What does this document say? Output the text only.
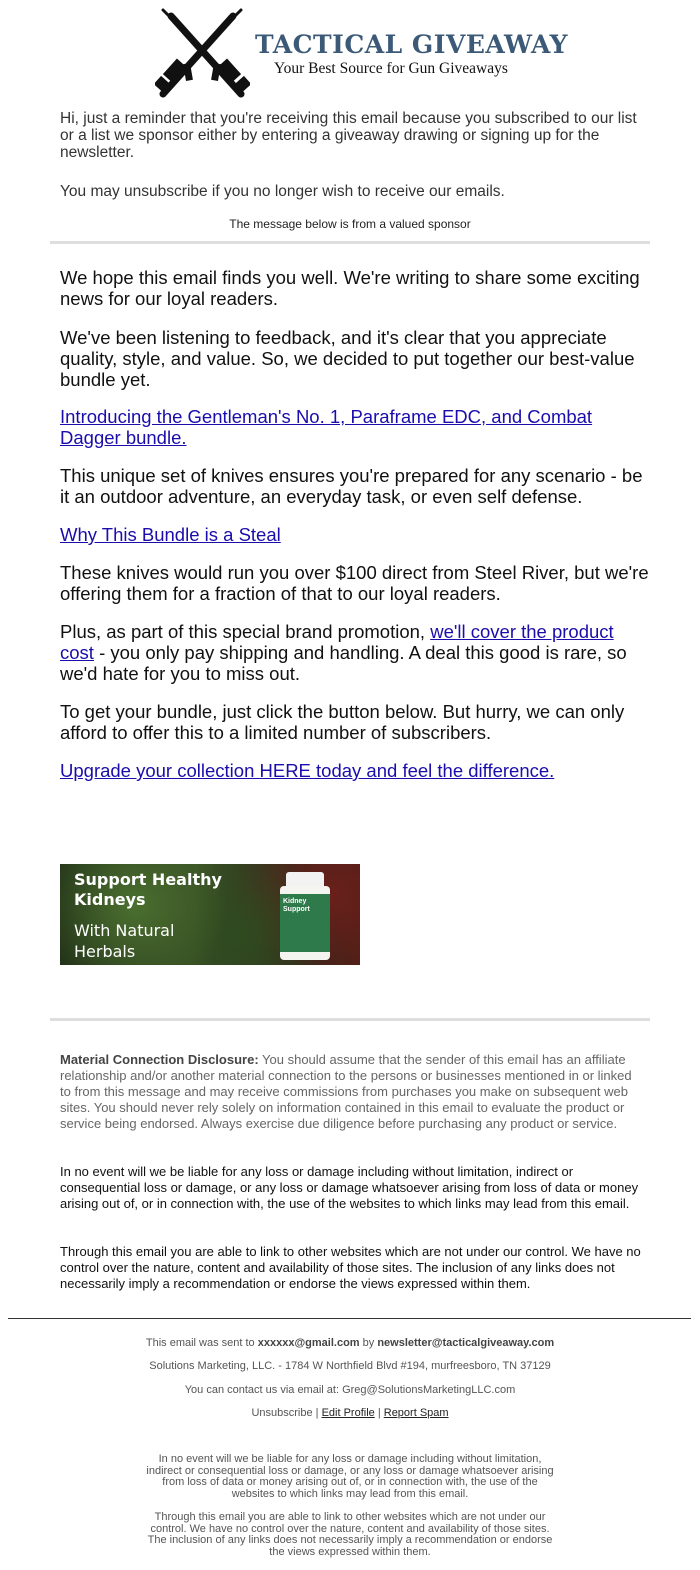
TACTICAL GIVEAWAY
Your Best Source for Gun Giveaways

Hi, just a reminder that you're receiving this email because you subscribed to our list or a list we sponsor either by entering a giveaway drawing or signing up for the newsletter.

You may unsubscribe if you no longer wish to receive our emails.

The message below is from a valued sponsor

We hope this email finds you well. We're writing to share some exciting news for our loyal readers.

We've been listening to feedback, and it's clear that you appreciate quality, style, and value. So, we decided to put together our best-value bundle yet.

Introducing the Gentleman's No. 1, Paraframe EDC, and Combat Dagger bundle.

This unique set of knives ensures you're prepared for any scenario - be it an outdoor adventure, an everyday task, or even self defense.

Why This Bundle is a Steal

These knives would run you over $100 direct from Steel River, but we're offering them for a fraction of that to our loyal readers.

Plus, as part of this special brand promotion, we'll cover the product cost - you only pay shipping and handling. A deal this good is rare, so we'd hate for you to miss out.

To get your bundle, just click the button below. But hurry, we can only afford to offer this to a limited number of subscribers.

Upgrade your collection HERE today and feel the difference.

Support Healthy Kidneys
With Natural Herbals
Kidney Support

Material Connection Disclosure: You should assume that the sender of this email has an affiliate relationship and/or another material connection to the persons or businesses mentioned in or linked to from this message and may receive commissions from purchases you make on subsequent web sites. You should never rely solely on information contained in this email to evaluate the product or service being endorsed. Always exercise due diligence before purchasing any product or service.

In no event will we be liable for any loss or damage including without limitation, indirect or consequential loss or damage, or any loss or damage whatsoever arising from loss of data or money arising out of, or in connection with, the use of the websites to which links may lead from this email.

Through this email you are able to link to other websites which are not under our control. We have no control over the nature, content and availability of those sites. The inclusion of any links does not necessarily imply a recommendation or endorse the views expressed within them.

This email was sent to xxxxxx@gmail.com by newsletter@tacticalgiveaway.com

Solutions Marketing, LLC. - 1784 W Northfield Blvd #194, murfreesboro, TN 37129

You can contact us via email at: Greg@SolutionsMarketingLLC.com

Unsubscribe | Edit Profile | Report Spam

In no event will we be liable for any loss or damage including without limitation, indirect or consequential loss or damage, or any loss or damage whatsoever arising from loss of data or money arising out of, or in connection with, the use of the websites to which links may lead from this email.

Through this email you are able to link to other websites which are not under our control. We have no control over the nature, content and availability of those sites. The inclusion of any links does not necessarily imply a recommendation or endorse the views expressed within them.
